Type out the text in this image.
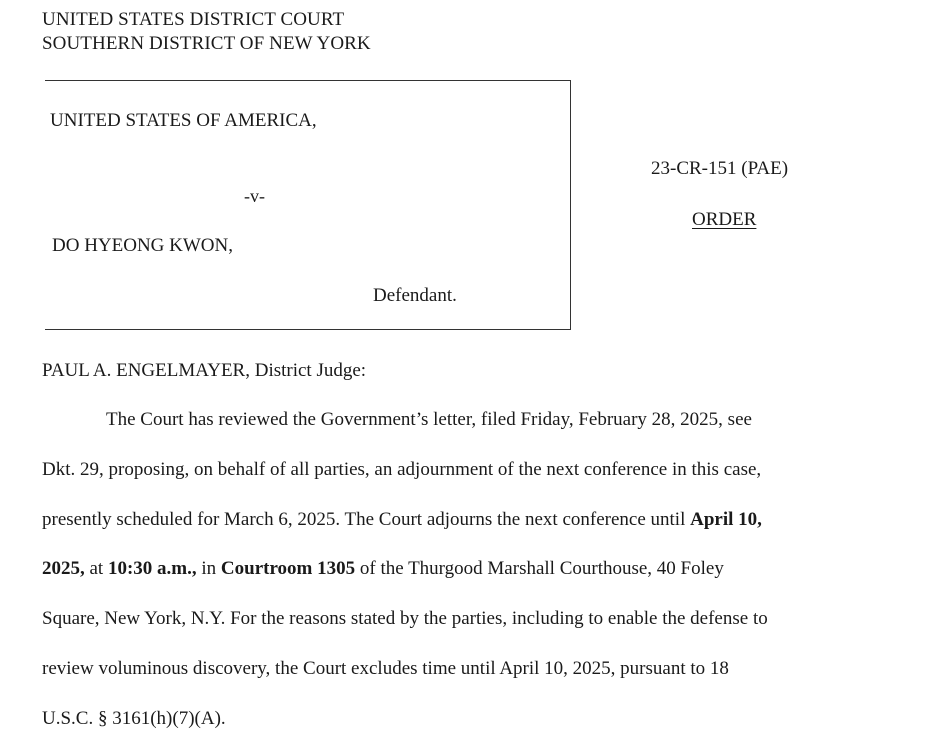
UNITED STATES DISTRICT COURT
SOUTHERN DISTRICT OF NEW YORK
UNITED STATES OF AMERICA,
-v-
DO HYEONG KWON,
Defendant.
23-CR-151 (PAE)
ORDER
PAUL A. ENGELMAYER, District Judge:
The Court has reviewed the Government’s letter, filed Friday, February 28, 2025, see
Dkt. 29, proposing, on behalf of all parties, an adjournment of the next conference in this case,
presently scheduled for March 6, 2025. The Court adjourns the next conference until April 10,
2025, at 10:30 a.m., in Courtroom 1305 of the Thurgood Marshall Courthouse, 40 Foley
Square, New York, N.Y. For the reasons stated by the parties, including to enable the defense to
review voluminous discovery, the Court excludes time until April 10, 2025, pursuant to 18
U.S.C. § 3161(h)(7)(A).
